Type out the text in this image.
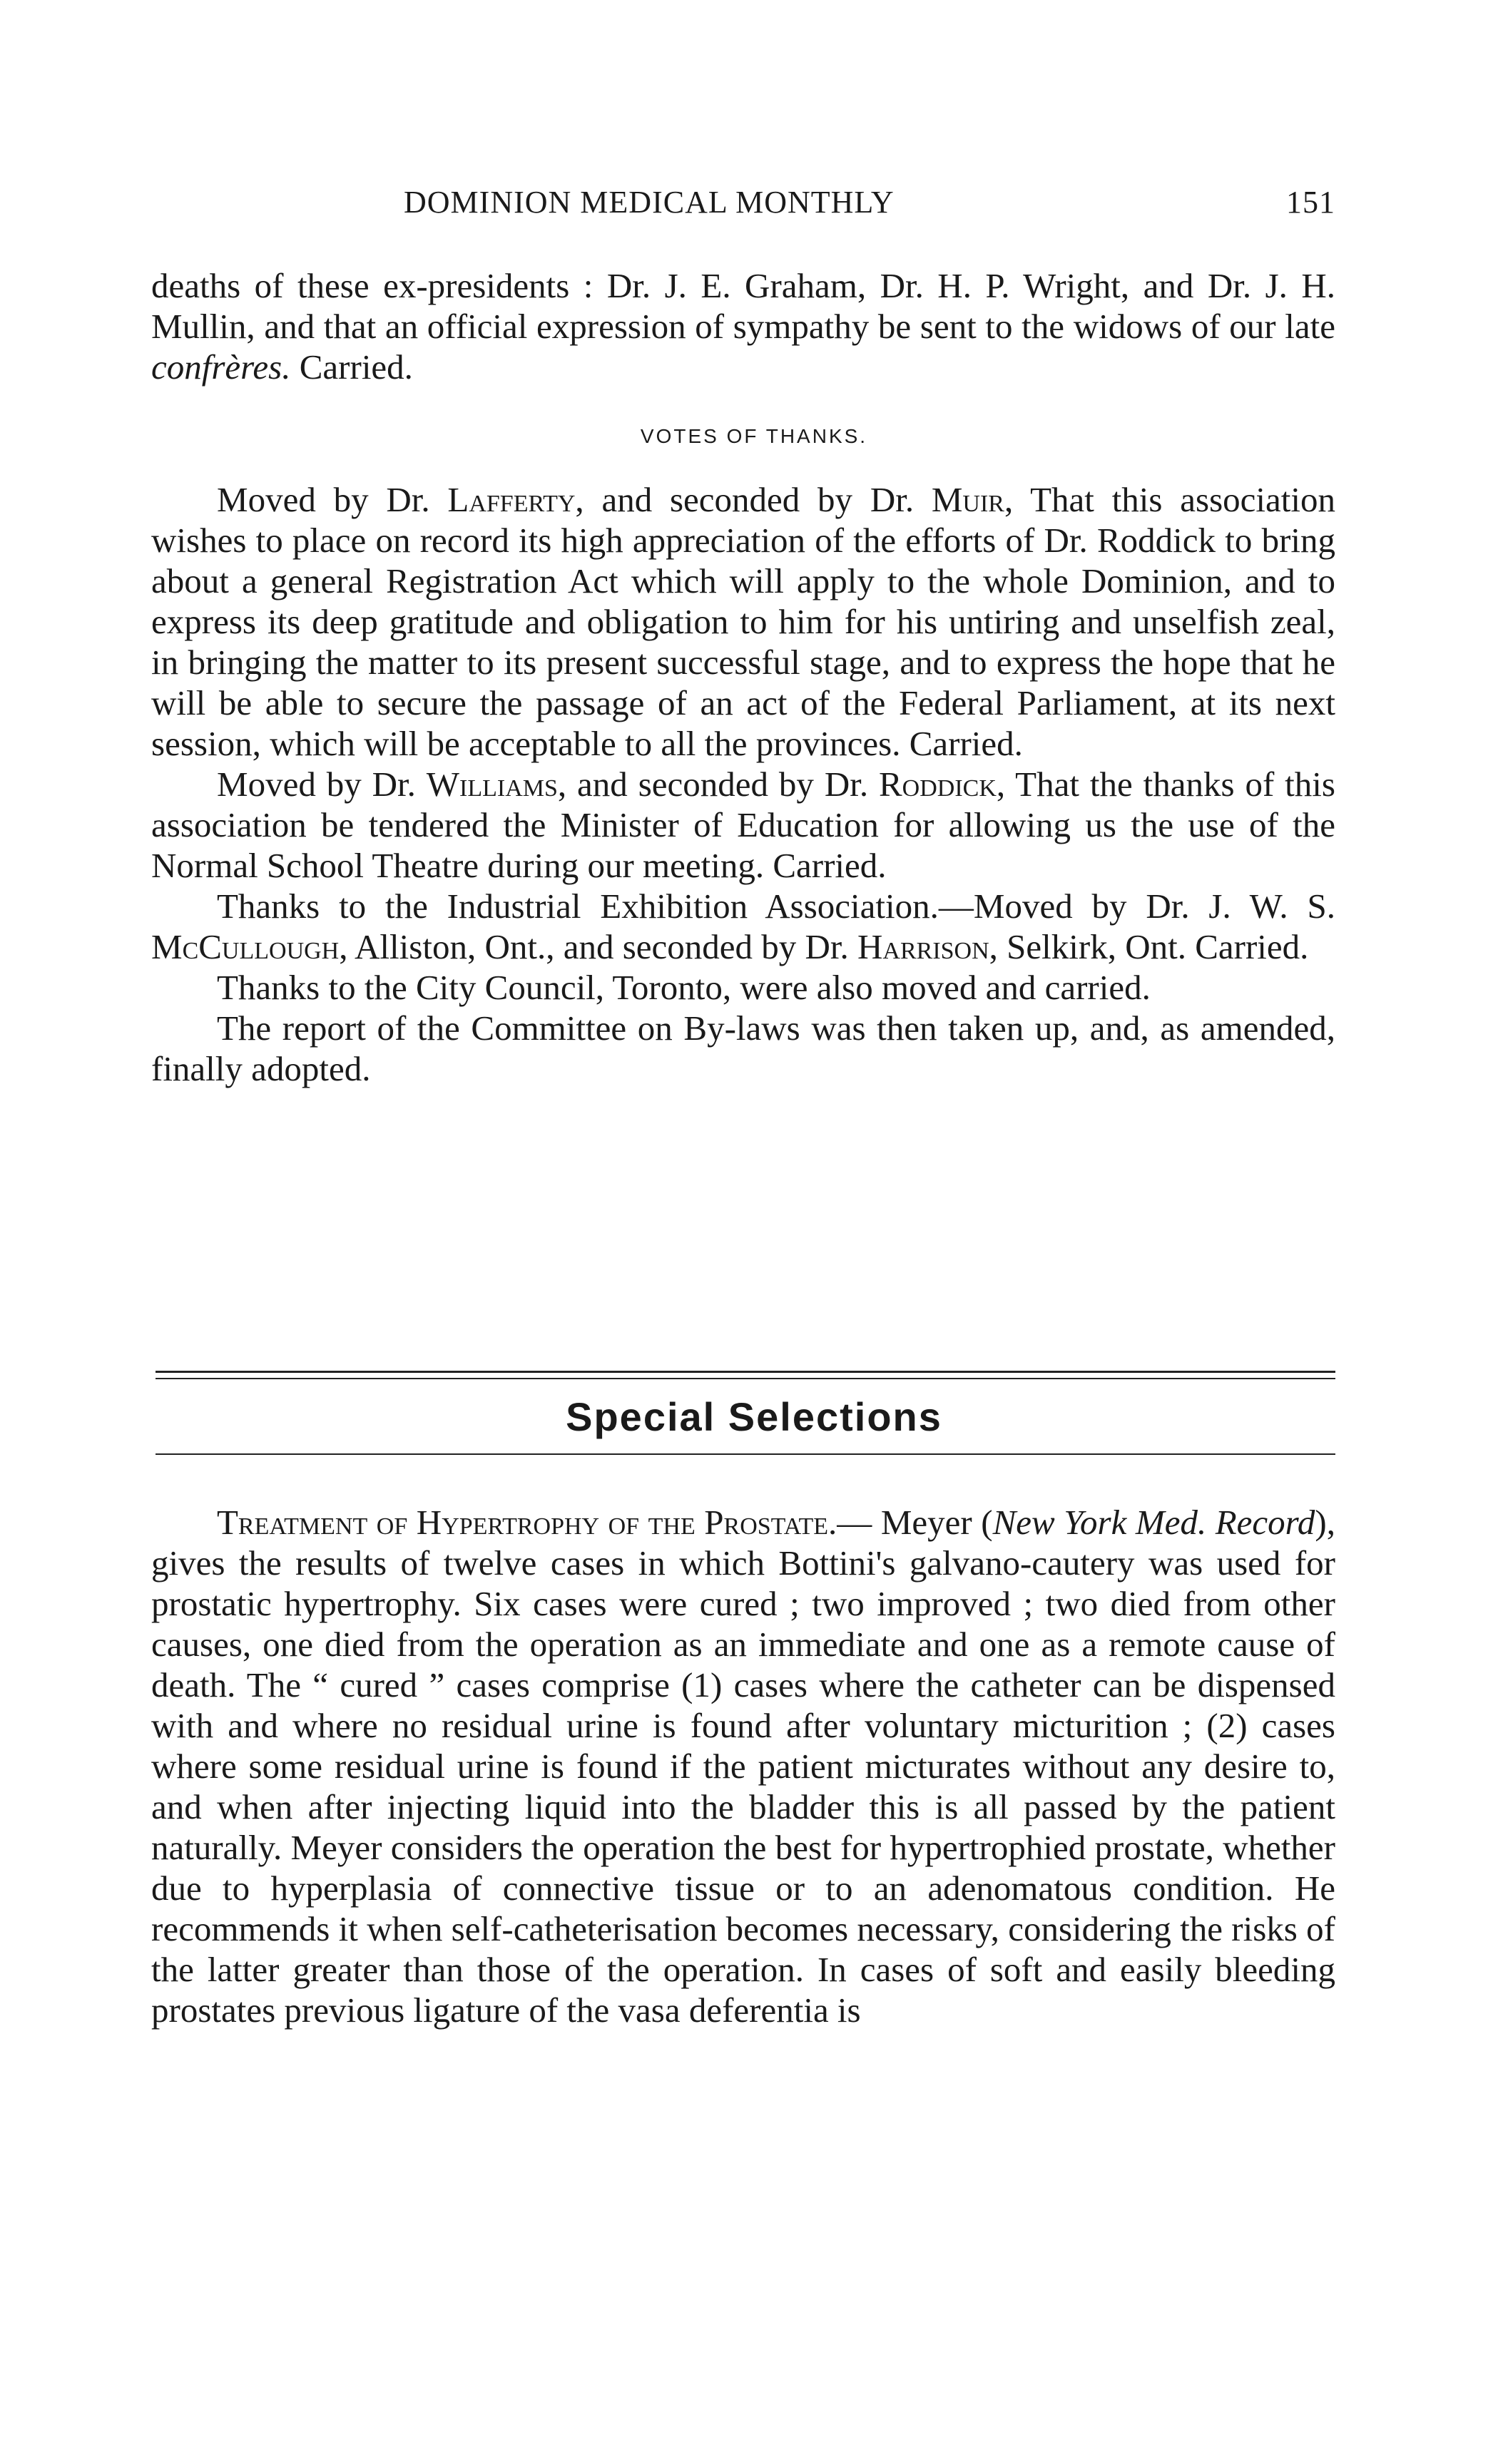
DOMINION MEDICAL MONTHLY	151

deaths of these ex-presidents : Dr. J. E. Graham, Dr. H. P. Wright, and Dr. J. H. Mullin, and that an official expression of sympathy be sent to the widows of our late confrères. Carried.

VOTES OF THANKS.

Moved by Dr. Lafferty, and seconded by Dr. Muir, That this association wishes to place on record its high appreciation of the efforts of Dr. Roddick to bring about a general Registration Act which will apply to the whole Dominion, and to express its deep gratitude and obligation to him for his untiring and unselfish zeal, in bringing the matter to its present successful stage, and to express the hope that he will be able to secure the passage of an act of the Federal Parliament, at its next session, which will be acceptable to all the provinces. Carried.

Moved by Dr. Williams, and seconded by Dr. Roddick, That the thanks of this association be tendered the Minister of Education for allowing us the use of the Normal School Theatre during our meeting. Carried.

Thanks to the Industrial Exhibition Association.—Moved by Dr. J. W. S. McCullough, Alliston, Ont., and seconded by Dr. Harrison, Selkirk, Ont. Carried.

Thanks to the City Council, Toronto, were also moved and carried.

The report of the Committee on By-laws was then taken up, and, as amended, finally adopted.

Special Selections

Treatment of Hypertrophy of the Prostate.— Meyer (New York Med. Record), gives the results of twelve cases in which Bottini's galvano-cautery was used for prostatic hypertrophy. Six cases were cured ; two improved ; two died from other causes, one died from the operation as an immediate and one as a remote cause of death. The “ cured ” cases comprise (1) cases where the catheter can be dispensed with and where no residual urine is found after voluntary micturition ; (2) cases where some residual urine is found if the patient micturates without any desire to, and when after injecting liquid into the bladder this is all passed by the patient naturally. Meyer considers the operation the best for hypertrophied prostate, whether due to hyperplasia of connective tissue or to an adenomatous condition. He recommends it when self-catheterisation becomes necessary, considering the risks of the latter greater than those of the operation. In cases of soft and easily bleeding prostates previous ligature of the vasa deferentia is
